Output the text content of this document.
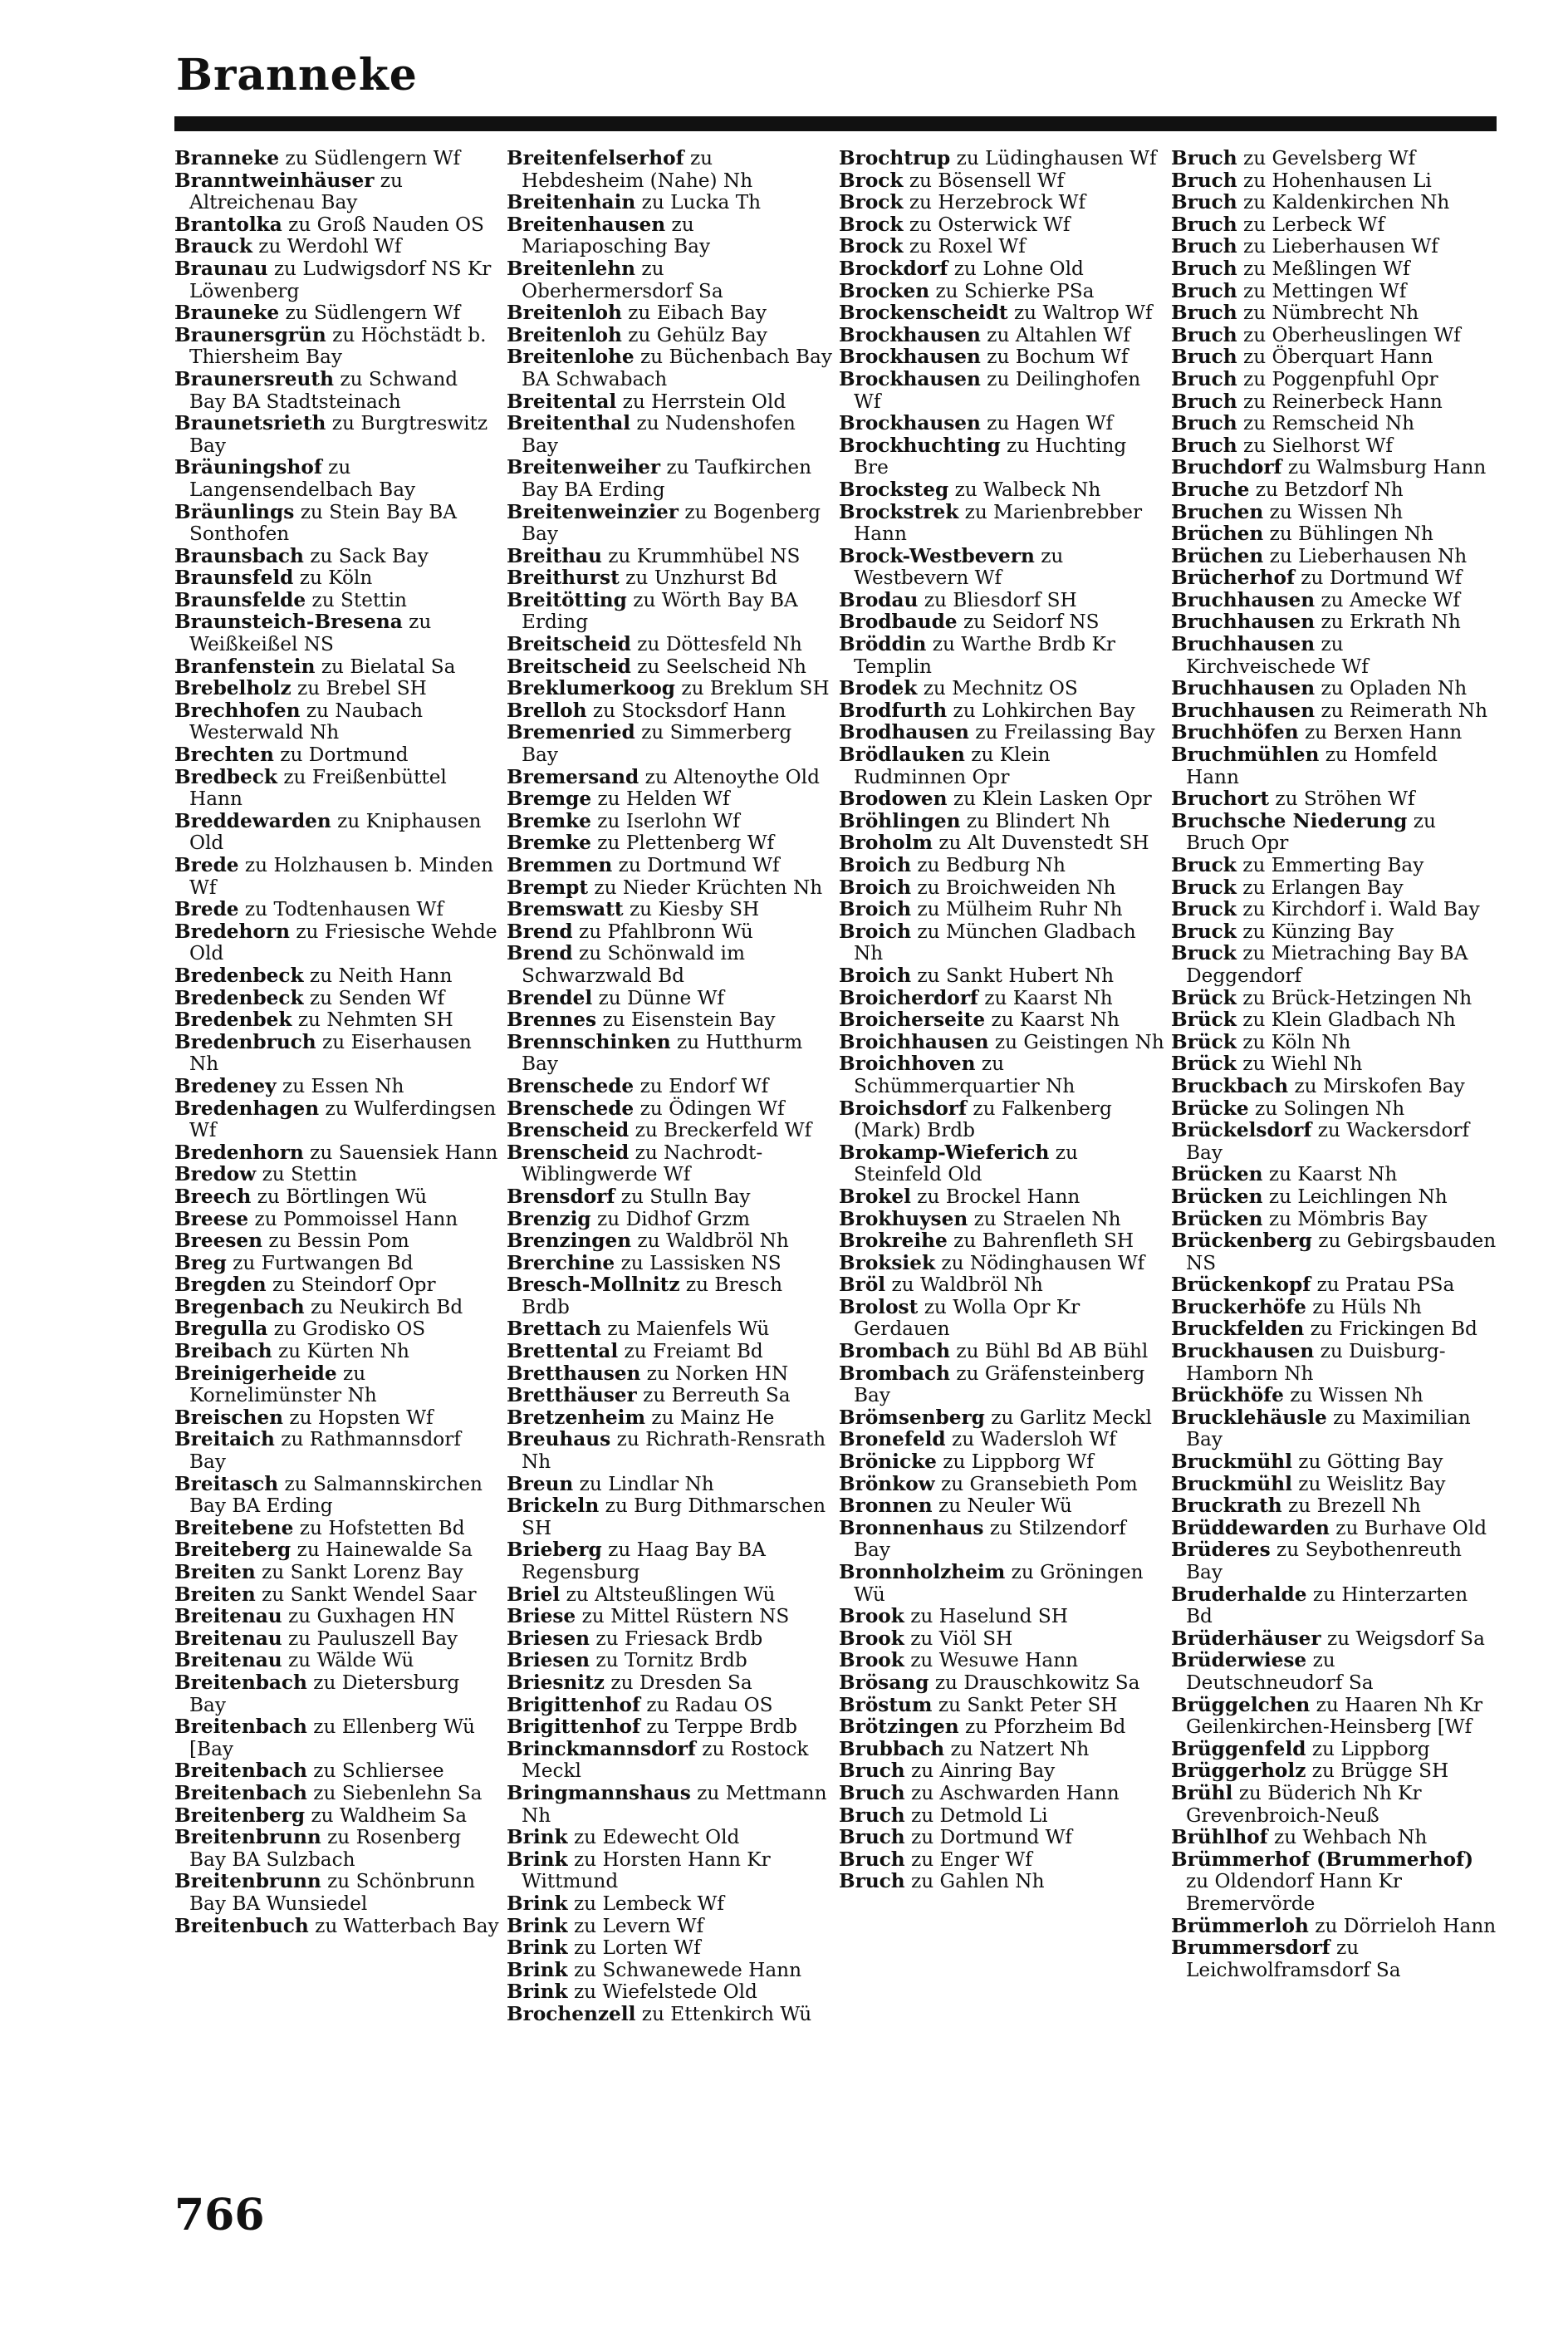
Branneke

Branneke zu Südlengern Wf

Branntweinhäuser zu Altreichenau Bay

Brantolka zu Groß Nauden OS

Brauck zu Werdohl Wf

Braunau zu Ludwigsdorf NS Kr Löwenberg

Brauneke zu Südlengern Wf

Braunersgrün zu Höchstädt b. Thiersheim Bay

Braunersreuth zu Schwand Bay BA Stadtsteinach

Braunetsrieth zu Burgtreswitz Bay

Bräuningshof zu Langensendelbach Bay

Bräunlings zu Stein Bay BA Sonthofen

Braunsbach zu Sack Bay

Braunsfeld zu Köln

Braunsfelde zu Stettin

Braunsteich-Bresena zu Weißkeißel NS

Branfenstein zu Bielatal Sa

Brebelholz zu Brebel SH

Brechhofen zu Naubach Westerwald Nh

Brechten zu Dortmund

Bredbeck zu Freißenbüttel Hann

Breddewarden zu Kniphausen Old

Brede zu Holzhausen b. Minden Wf

Brede zu Todtenhausen Wf

Bredehorn zu Friesische Wehde Old

Bredenbeck zu Neith Hann

Bredenbeck zu Senden Wf

Bredenbek zu Nehmten SH

Bredenbruch zu Eiserhausen Nh

Bredeney zu Essen Nh

Bredenhagen zu Wulferdingsen Wf

Bredenhorn zu Sauensiek Hann

Bredow zu Stettin

Breech zu Börtlingen Wü

Breese zu Pommoissel Hann

Breesen zu Bessin Pom

Breg zu Furtwangen Bd

Bregden zu Steindorf Opr

Bregenbach zu Neukirch Bd

Bregulla zu Grodisko OS

Breibach zu Kürten Nh

Breinigerheide zu Kornelimünster Nh

Breischen zu Hopsten Wf

Breitaich zu Rathmannsdorf Bay

Breitasch zu Salmannskirchen Bay BA Erding

Breitebene zu Hofstetten Bd

Breiteberg zu Hainewalde Sa

Breiten zu Sankt Lorenz Bay

Breiten zu Sankt Wendel Saar

Breitenau zu Guxhagen HN

Breitenau zu Pauluszell Bay

Breitenau zu Wälde Wü

Breitenbach zu Dietersburg Bay

Breitenbach zu Ellenberg Wü [Bay

Breitenbach zu Schliersee

Breitenbach zu Siebenlehn Sa

Breitenberg zu Waldheim Sa

Breitenbrunn zu Rosenberg Bay BA Sulzbach

Breitenbrunn zu Schönbrunn Bay BA Wunsiedel

Breitenbuch zu Watterbach Bay

Breitenfelserhof zu Hebdesheim (Nahe) Nh

Breitenhain zu Lucka Th

Breitenhausen zu Mariaposching Bay

Breitenlehn zu Oberhermersdorf Sa

Breitenloh zu Eibach Bay

Breitenloh zu Gehülz Bay

Breitenlohe zu Büchenbach Bay BA Schwabach

Breitental zu Herrstein Old

Breitenthal zu Nudenshofen Bay

Breitenweiher zu Taufkirchen Bay BA Erding

Breitenweinzier zu Bogenberg Bay

Breithau zu Krummhübel NS

Breithurst zu Unzhurst Bd

Breitötting zu Wörth Bay BA Erding

Breitscheid zu Döttesfeld Nh

Breitscheid zu Seelscheid Nh

Breklumerkoog zu Breklum SH

Brelloh zu Stocksdorf Hann

Bremenried zu Simmerberg Bay

Bremersand zu Altenoythe Old

Bremge zu Helden Wf

Bremke zu Iserlohn Wf

Bremke zu Plettenberg Wf

Bremmen zu Dortmund Wf

Brempt zu Nieder Krüchten Nh

Bremswatt zu Kiesby SH

Brend zu Pfahlbronn Wü

Brend zu Schönwald im Schwarzwald Bd

Brendel zu Dünne Wf

Brennes zu Eisenstein Bay

Brennschinken zu Hutthurm Bay

Brenschede zu Endorf Wf

Brenschede zu Ödingen Wf

Brenscheid zu Breckerfeld Wf

Brenscheid zu Nachrodt-Wiblingwerde Wf

Brensdorf zu Stulln Bay

Brenzig zu Didhof Grzm

Brenzingen zu Waldbröl Nh

Brerchine zu Lassisken NS

Bresch-Mollnitz zu Bresch Brdb

Brettach zu Maienfels Wü

Brettental zu Freiamt Bd

Bretthausen zu Norken HN

Bretthäuser zu Berreuth Sa

Bretzenheim zu Mainz He

Breuhaus zu Richrath-Rensrath Nh

Breun zu Lindlar Nh

Brickeln zu Burg Dithmarschen SH

Brieberg zu Haag Bay BA Regensburg

Briel zu Altsteußlingen Wü

Briese zu Mittel Rüstern NS

Briesen zu Friesack Brdb

Briesen zu Tornitz Brdb

Briesnitz zu Dresden Sa

Brigittenhof zu Radau OS

Brigittenhof zu Terppe Brdb

Brinckmannsdorf zu Rostock Meckl

Bringmannshaus zu Mettmann Nh

Brink zu Edewecht Old

Brink zu Horsten Hann Kr Wittmund

Brink zu Lembeck Wf

Brink zu Levern Wf

Brink zu Lorten Wf

Brink zu Schwanewede Hann

Brink zu Wiefelstede Old

Brochenzell zu Ettenkirch Wü

Brochtrup zu Lüdinghausen Wf

Brock zu Bösensell Wf

Brock zu Herzebrock Wf

Brock zu Osterwick Wf

Brock zu Roxel Wf

Brockdorf zu Lohne Old

Brocken zu Schierke PSa

Brockenscheidt zu Waltrop Wf

Brockhausen zu Altahlen Wf

Brockhausen zu Bochum Wf

Brockhausen zu Deilinghofen Wf

Brockhausen zu Hagen Wf

Brockhuchting zu Huchting Bre

Brocksteg zu Walbeck Nh

Brockstrek zu Marienbrebber Hann

Brock-Westbevern zu Westbevern Wf

Brodau zu Bliesdorf SH

Brodbaude zu Seidorf NS

Bröddin zu Warthe Brdb Kr Templin

Brodek zu Mechnitz OS

Brodfurth zu Lohkirchen Bay

Brodhausen zu Freilassing Bay

Brödlauken zu Klein Rudminnen Opr

Brodowen zu Klein Lasken Opr

Bröhlingen zu Blindert Nh

Broholm zu Alt Duvenstedt SH

Broich zu Bedburg Nh

Broich zu Broichweiden Nh

Broich zu Mülheim Ruhr Nh

Broich zu München Gladbach Nh

Broich zu Sankt Hubert Nh

Broicherdorf zu Kaarst Nh

Broicherseite zu Kaarst Nh

Broichhausen zu Geistingen Nh

Broichhoven zu Schümmerquartier Nh

Broichsdorf zu Falkenberg (Mark) Brdb

Brokamp-Wieferich zu Steinfeld Old

Brokel zu Brockel Hann

Brokhuysen zu Straelen Nh

Brokreihe zu Bahrenfleth SH

Broksiek zu Nödinghausen Wf

Bröl zu Waldbröl Nh

Brolost zu Wolla Opr Kr Gerdauen

Brombach zu Bühl Bd AB Bühl

Brombach zu Gräfensteinberg Bay

Brömsenberg zu Garlitz Meckl

Bronefeld zu Wadersloh Wf

Brönicke zu Lippborg Wf

Brönkow zu Gransebieth Pom

Bronnen zu Neuler Wü

Bronnenhaus zu Stilzendorf Bay

Bronnholzheim zu Gröningen Wü

Brook zu Haselund SH

Brook zu Viöl SH

Brook zu Wesuwe Hann

Brösang zu Drauschkowitz Sa

Bröstum zu Sankt Peter SH

Brötzingen zu Pforzheim Bd

Brubbach zu Natzert Nh

Bruch zu Ainring Bay

Bruch zu Aschwarden Hann

Bruch zu Detmold Li

Bruch zu Dortmund Wf

Bruch zu Enger Wf

Bruch zu Gahlen Nh

Bruch zu Gevelsberg Wf

Bruch zu Hohenhausen Li

Bruch zu Kaldenkirchen Nh

Bruch zu Lerbeck Wf

Bruch zu Lieberhausen Wf

Bruch zu Meßlingen Wf

Bruch zu Mettingen Wf

Bruch zu Nümbrecht Nh

Bruch zu Oberheuslingen Wf

Bruch zu Öberquart Hann

Bruch zu Poggenpfuhl Opr

Bruch zu Reinerbeck Hann

Bruch zu Remscheid Nh

Bruch zu Sielhorst Wf

Bruchdorf zu Walmsburg Hann

Bruche zu Betzdorf Nh

Bruchen zu Wissen Nh

Brüchen zu Bühlingen Nh

Brüchen zu Lieberhausen Nh

Brücherhof zu Dortmund Wf

Bruchhausen zu Amecke Wf

Bruchhausen zu Erkrath Nh

Bruchhausen zu Kirchveischede Wf

Bruchhausen zu Opladen Nh

Bruchhausen zu Reimerath Nh

Bruchhöfen zu Berxen Hann

Bruchmühlen zu Homfeld Hann

Bruchort zu Ströhen Wf

Bruchsche Niederung zu Bruch Opr

Bruck zu Emmerting Bay

Bruck zu Erlangen Bay

Bruck zu Kirchdorf i. Wald Bay

Bruck zu Künzing Bay

Bruck zu Mietraching Bay BA Deggendorf

Brück zu Brück-Hetzingen Nh

Brück zu Klein Gladbach Nh

Brück zu Köln Nh

Brück zu Wiehl Nh

Bruckbach zu Mirskofen Bay

Brücke zu Solingen Nh

Brückelsdorf zu Wackersdorf Bay

Brücken zu Kaarst Nh

Brücken zu Leichlingen Nh

Brücken zu Mömbris Bay

Brückenberg zu Gebirgsbauden NS

Brückenkopf zu Pratau PSa

Bruckerhöfe zu Hüls Nh

Bruckfelden zu Frickingen Bd

Bruckhausen zu Duisburg-Hamborn Nh

Brückhöfe zu Wissen Nh

Brucklehäusle zu Maximilian Bay

Bruckmühl zu Götting Bay

Bruckmühl zu Weislitz Bay

Bruckrath zu Brezell Nh

Brüddewarden zu Burhave Old

Brüderes zu Seybothenreuth Bay

Bruderhalde zu Hinterzarten Bd

Brüderhäuser zu Weigsdorf Sa

Brüderwiese zu Deutschneudorf Sa

Brüggelchen zu Haaren Nh Kr Geilenkirchen-Heinsberg [Wf

Brüggenfeld zu Lippborg

Brüggerholz zu Brügge SH

Brühl zu Büderich Nh Kr Grevenbroich-Neuß

Brühlhof zu Wehbach Nh

Brümmerhof (Brummerhof) zu Oldendorf Hann Kr Bremervörde

Brümmerloh zu Dörrieloh Hann

Brummersdorf zu Leichwolframsdorf Sa

766
